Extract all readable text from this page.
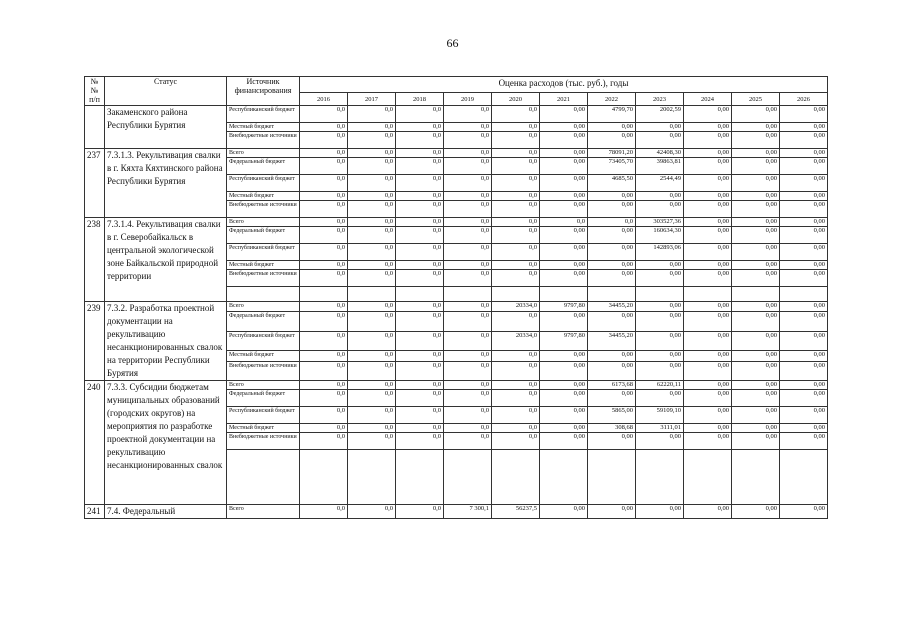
66
№
№
п/п	Статус	Источник финансирования	Оценка расходов (тыс. руб.), годы										
			2016	2017	2018	2019	2020	2021	2022	2023	2024	2025	2026
	Закаменского района Республики Бурятия	Республиканский бюджет	0,0	0,0	0,0	0,0	0,0	0,00	4799,70	2002,59	0,00	0,00	0,00
		Местный бюджет	0,0	0,0	0,0	0,0	0,0	0,00	0,00	0,00	0,00	0,00	0,00
		Внебюджетные источники	0,0	0,0	0,0	0,0	0,0	0,00	0,00	0,00	0,00	0,00	0,00
237	7.3.1.3. Рекультивация свалки в г. Кяхта Кяхтинского района Республики Бурятия	Всего	0,0	0,0	0,0	0,0	0,0	0,00	78091,20	42408,30	0,00	0,00	0,00
		Федеральный бюджет	0,0	0,0	0,0	0,0	0,0	0,00	73405,70	39863,81	0,00	0,00	0,00
		Республиканский бюджет	0,0	0,0	0,0	0,0	0,0	0,00	4685,50	2544,49	0,00	0,00	0,00
		Местный бюджет	0,0	0,0	0,0	0,0	0,0	0,00	0,00	0,00	0,00	0,00	0,00
		Внебюджетные источники	0,0	0,0	0,0	0,0	0,0	0,00	0,00	0,00	0,00	0,00	0,00
238	7.3.1.4. Рекультивация свалки в г. Северобайкальск в центральной экологической зоне Байкальской природной территории	Всего	0,0	0,0	0,0	0,0	0,0	0,0	0,0	303527,36	0,00	0,00	0,00
		Федеральный бюджет	0,0	0,0	0,0	0,0	0,0	0,00	0,00	160634,30	0,00	0,00	0,00
		Республиканский бюджет	0,0	0,0	0,0	0,0	0,0	0,00	0,00	142893,06	0,00	0,00	0,00
		Местный бюджет	0,0	0,0	0,0	0,0	0,0	0,00	0,00	0,00	0,00	0,00	0,00
		Внебюджетные источники	0,0	0,0	0,0	0,0	0,0	0,00	0,00	0,00	0,00	0,00	0,00

239	7.3.2. Разработка проектной документации на рекультивацию несанкционированных свалок на территории Республики Бурятия	Всего	0,0	0,0	0,0	0,0	20334,0	9797,80	34455,20	0,00	0,00	0,00	0,00
		Федеральный бюджет	0,0	0,0	0,0	0,0	0,0	0,00	0,00	0,00	0,00	0,00	0,00
		Республиканский бюджет	0,0	0,0	0,0	0,0	20334,0	9797,80	34455,20	0,00	0,00	0,00	0,00
		Местный бюджет	0,0	0,0	0,0	0,0	0,0	0,00	0,00	0,00	0,00	0,00	0,00
		Внебюджетные источники	0,0	0,0	0,0	0,0	0,0	0,00	0,00	0,00	0,00	0,00	0,00
240	7.3.3. Субсидии бюджетам муниципальных образований (городских округов) на мероприятия по разработке проектной документации на рекультивацию несанкционированных свалок	Всего	0,0	0,0	0,0	0,0	0,0	0,00	6173,68	62220,11	0,00	0,00	0,00
		Федеральный бюджет	0,0	0,0	0,0	0,0	0,0	0,00	0,00	0,00	0,00	0,00	0,00
		Республиканский бюджет	0,0	0,0	0,0	0,0	0,0	0,00	5865,00	59109,10	0,00	0,00	0,00
		Местный бюджет	0,0	0,0	0,0	0,0	0,0	0,00	308,68	3111,01	0,00	0,00	0,00
		Внебюджетные источники	0,0	0,0	0,0	0,0	0,0	0,00	0,00	0,00	0,00	0,00	0,00

241	7.4. Федеральный	Всего	0,0	0,0	0,0	7 300,1	56237,5	0,00	0,00	0,00	0,00	0,00	0,00
